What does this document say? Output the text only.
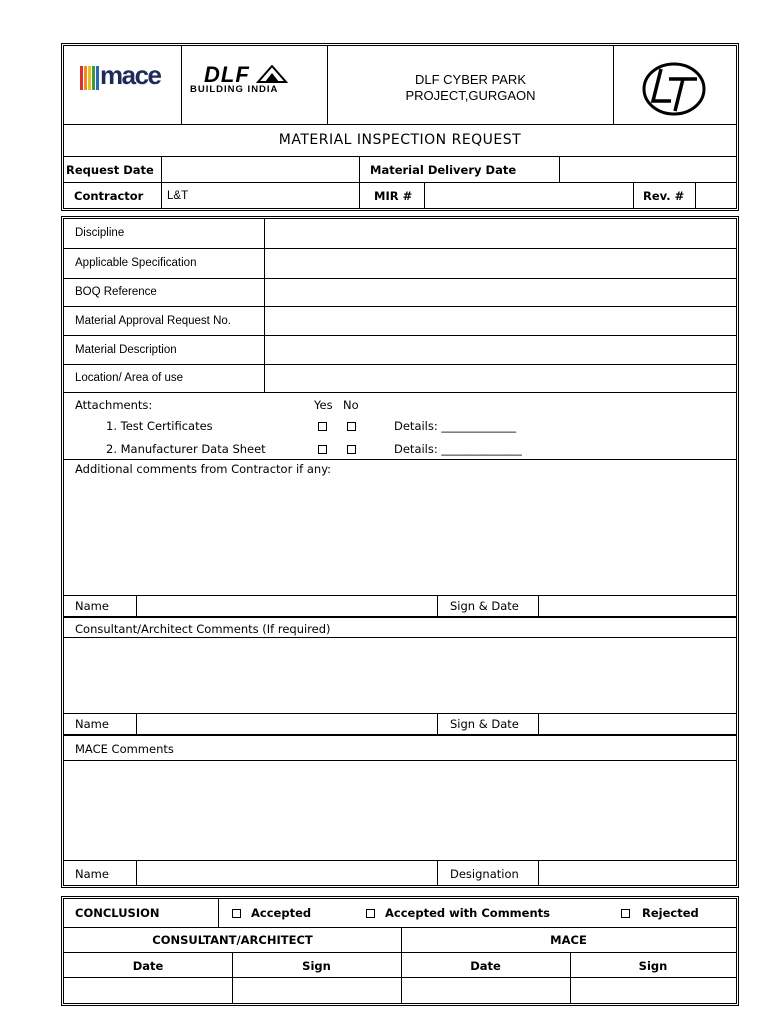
mace DLF
BUILDING INDIA
DLF CYBER PARK
PROJECT,GURGAON
MATERIAL INSPECTION REQUEST
Request Date	Material Delivery Date
Contractor L&T	MIR #	Rev. #
Discipline
Applicable Specification
BOQ Reference
Material Approval Request No.
Material Description
Location/ Area of use
Attachments:	Yes No
1. Test Certificates	Details: _____________
2. Manufacturer Data Sheet	Details: ______________
Additional comments from Contractor if any:
Name	Sign & Date
Consultant/Architect Comments (If required)
Name	Sign & Date
MACE Comments
Name	Designation
CONCLUSION	Accepted	Accepted with Comments	Rejected
CONSULTANT/ARCHITECT	MACE
Date	Sign	Date	Sign
